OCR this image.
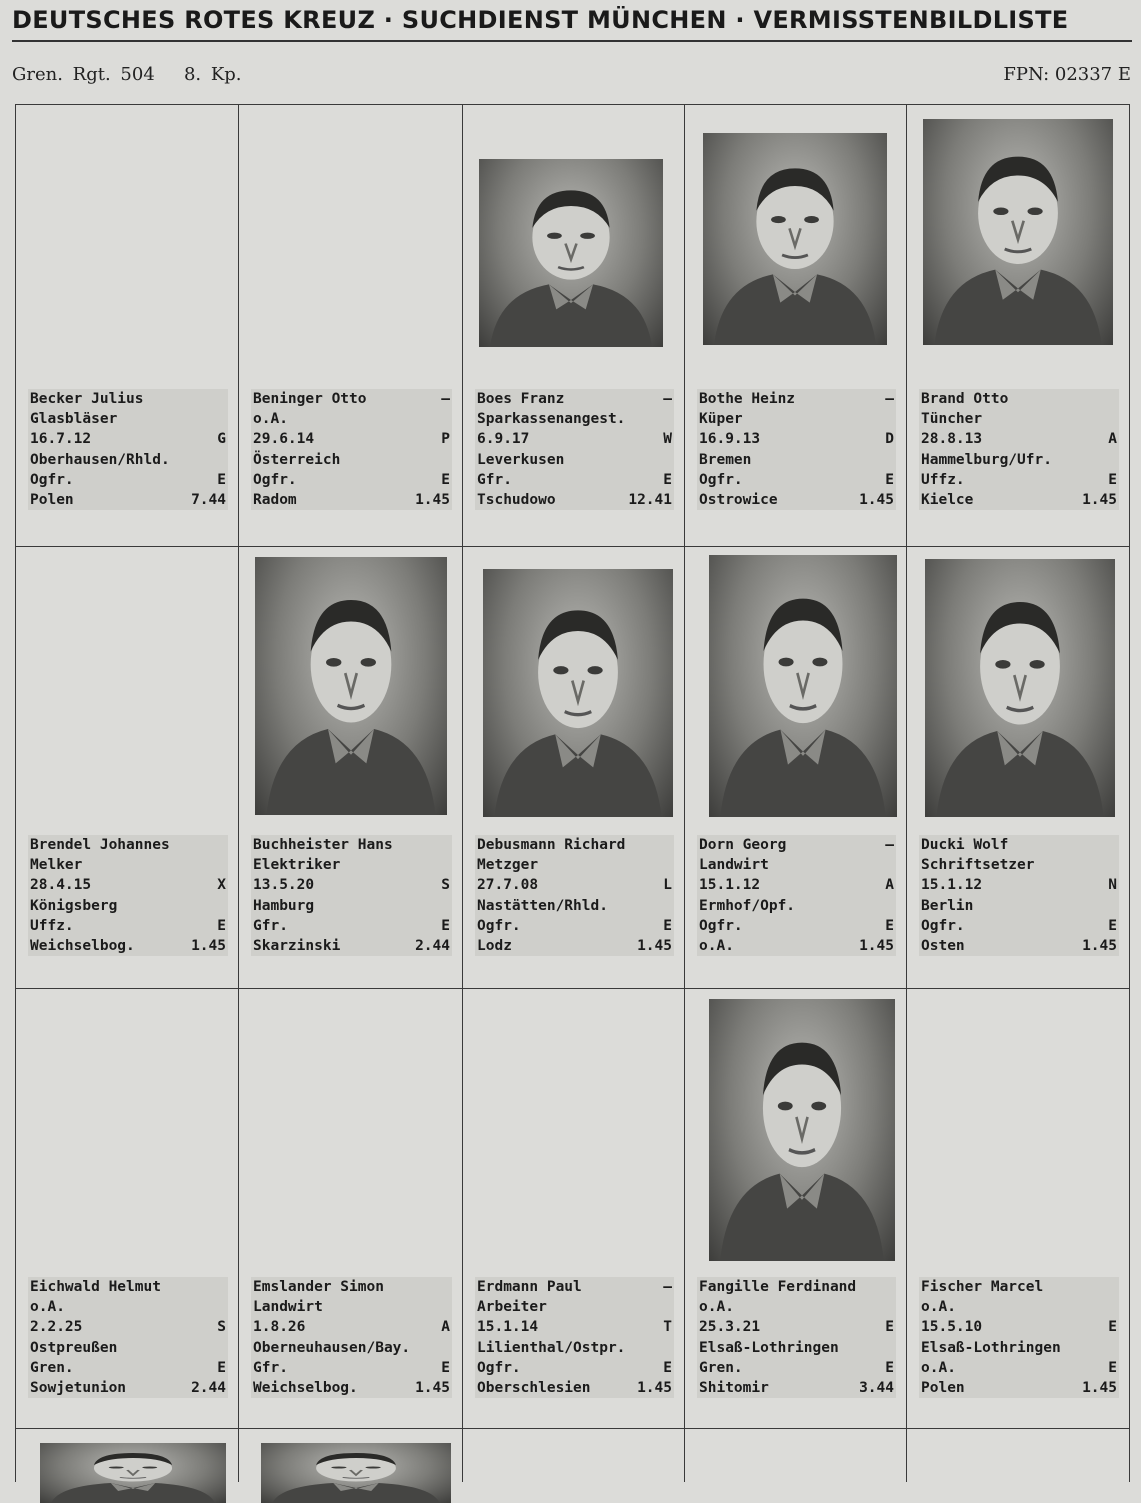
DEUTSCHES ROTES KREUZ · SUCHDIENST MÜNCHEN · VERMISSTENBILDLISTE
Gren. Rgt. 504   8. Kp.	FPN: 02337 E
Becker Julius
Glasbläser
16.7.12	G
Oberhausen/Rhld.
Ogfr.	E
Polen	7.44
Beninger Otto	–
o.A.
29.6.14	P
Österreich
Ogfr.	E
Radom	1.45
Boes Franz	–
Sparkassenangest.
6.9.17	W
Leverkusen
Gfr.	E
Tschudowo	12.41
Bothe Heinz	–
Küper
16.9.13	D
Bremen
Ogfr.	E
Ostrowice	1.45
Brand Otto
Tüncher
28.8.13	A
Hammelburg/Ufr.
Uffz.	E
Kielce	1.45
Brendel Johannes
Melker
28.4.15	X
Königsberg
Uffz.	E
Weichselbog.	1.45
Buchheister Hans
Elektriker
13.5.20	S
Hamburg
Gfr.	E
Skarzinski	2.44
Debusmann Richard
Metzger
27.7.08	L
Nastätten/Rhld.
Ogfr.	E
Lodz	1.45
Dorn Georg	–
Landwirt
15.1.12	A
Ermhof/Opf.
Ogfr.	E
o.A.	1.45
Ducki Wolf
Schriftsetzer
15.1.12	N
Berlin
Ogfr.	E
Osten	1.45
Eichwald Helmut
o.A.
2.2.25	S
Ostpreußen
Gren.	E
Sowjetunion	2.44
Emslander Simon
Landwirt
1.8.26	A
Oberneuhausen/Bay.
Gfr.	E
Weichselbog.	1.45
Erdmann Paul	–
Arbeiter
15.1.14	T
Lilienthal/Ostpr.
Ogfr.	E
Oberschlesien	1.45
Fangille Ferdinand
o.A.
25.3.21	E
Elsaß-Lothringen
Gren.	E
Shitomir	3.44
Fischer Marcel
o.A.
15.5.10	E
Elsaß-Lothringen
o.A.	E
Polen	1.45
